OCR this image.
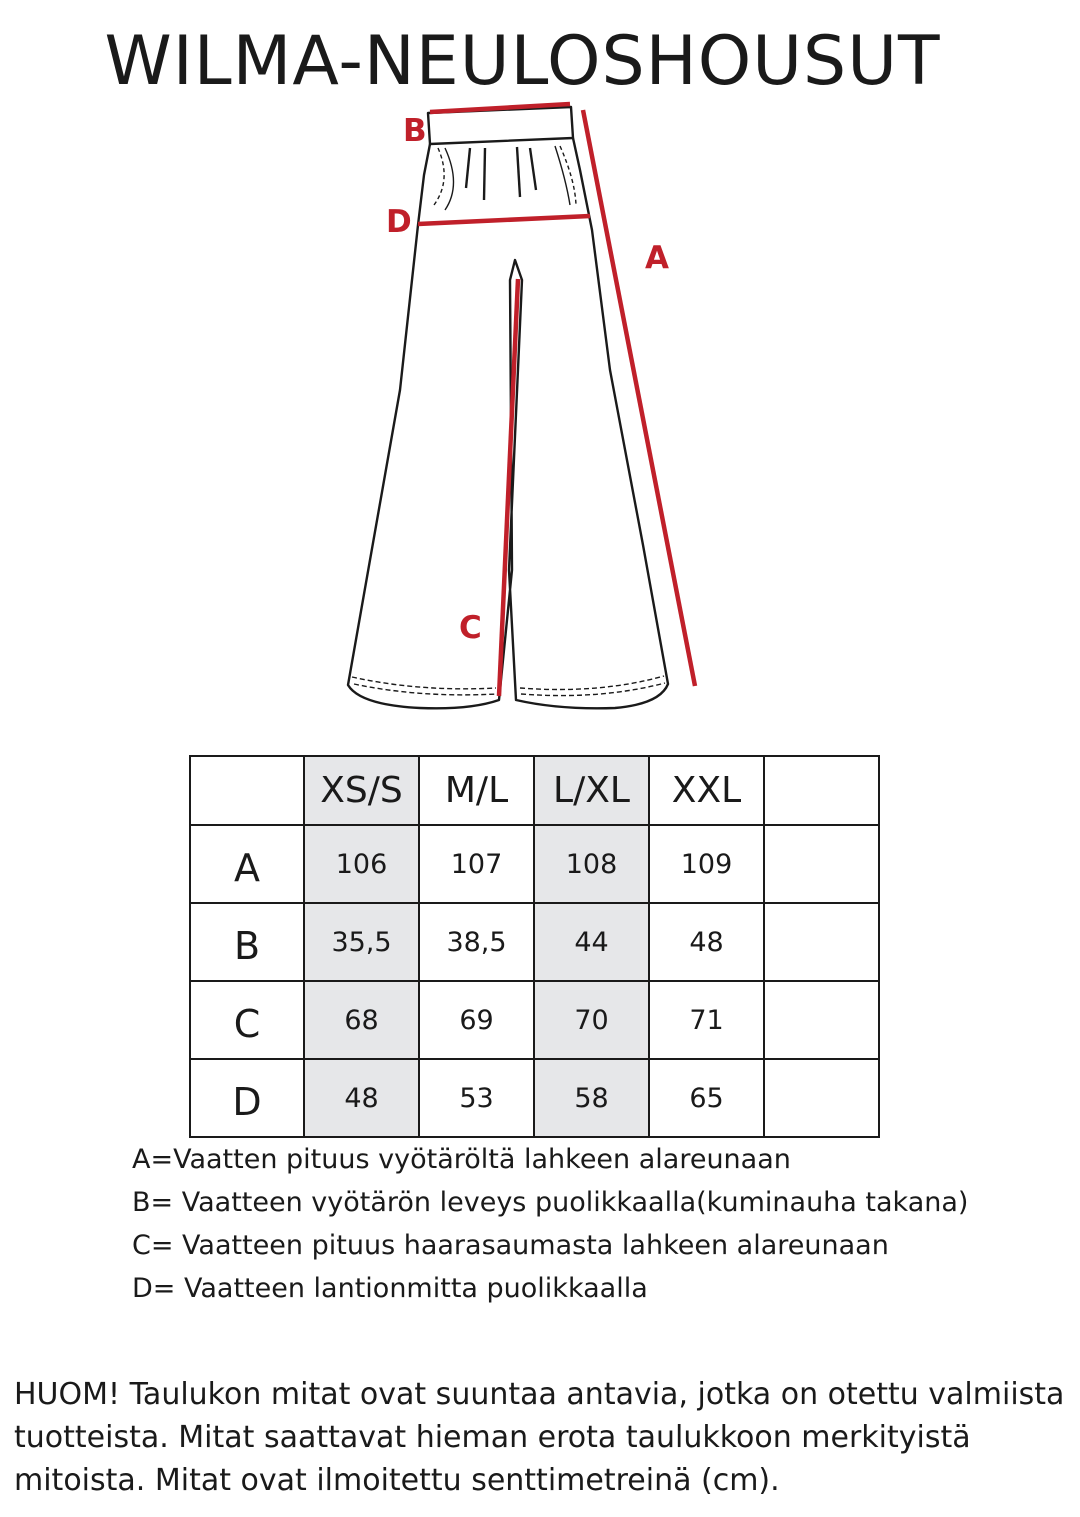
WILMA-NEULOSHOUSUT
B
D
A
C
	XS/S	M/L	L/XL	XXL	
A	106	107	108	109	
B	35,5	38,5	44	48	
C	68	69	70	71	
D	48	53	58	65	
A=Vaatten pituus vyötäröltä lahkeen alareunaan
B= Vaatteen vyötärön leveys puolikkaalla(kuminauha takana)
C= Vaatteen pituus haarasaumasta lahkeen alareunaan
D= Vaatteen lantionmitta puolikkaalla
HUOM! Taulukon mitat ovat suuntaa antavia, jotka on otettu valmiista tuotteista. Mitat saattavat hieman erota taulukkoon merkityistä mitoista. Mitat ovat ilmoitettu senttimetreinä (cm).
